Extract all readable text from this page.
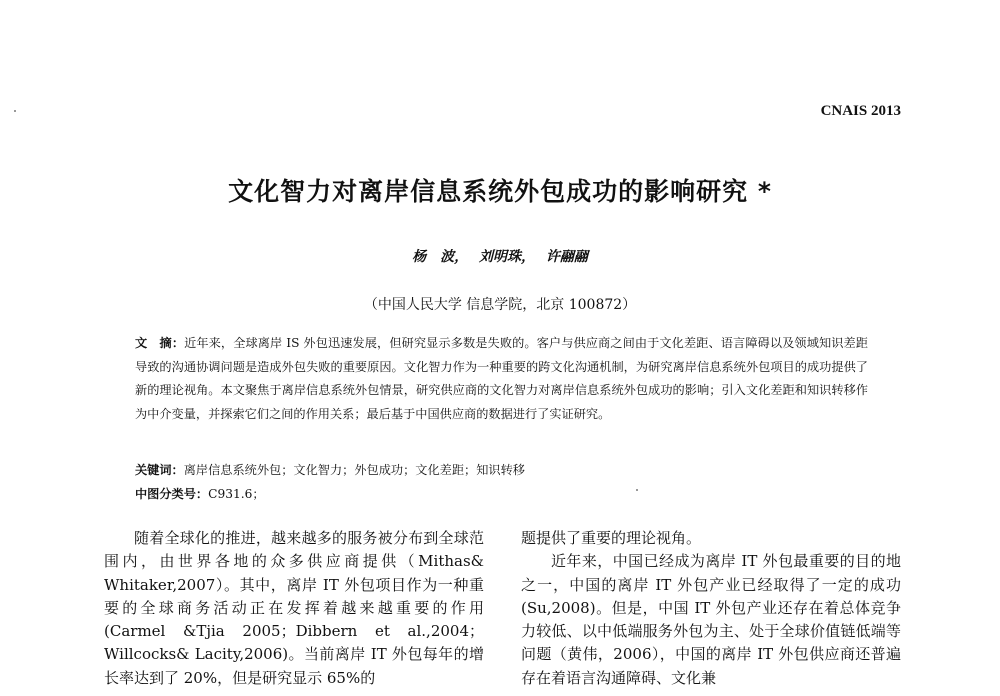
CNAIS 2013
文化智力对离岸信息系统外包成功的影响研究 *
杨　波， 刘明珠， 许翮翮
（中国人民大学 信息学院，北京 100872）
文　摘：近年来，全球离岸 IS 外包迅速发展，但研究显示多数是失败的。客户与供应商之间由于文化差距、语言障碍以及领域知识差距导致的沟通协调问题是造成外包失败的重要原因。文化智力作为一种重要的跨文化沟通机制，为研究离岸信息系统外包项目的成功提供了新的理论视角。本文聚焦于离岸信息系统外包情景，研究供应商的文化智力对离岸信息系统外包成功的影响；引入文化差距和知识转移作为中介变量，并探索它们之间的作用关系；最后基于中国供应商的数据进行了实证研究。
关键词：离岸信息系统外包；文化智力；外包成功；文化差距；知识转移
中图分类号：C931.6；
随着全球化的推进，越来越多的服务被分布到全球范围内，由世界各地的众多供应商提供（Mithas& Whitaker,2007）。其中，离岸 IT 外包项目作为一种重要的全球商务活动正在发挥着越来越重要的作用 (Carmel &Tjia 2005；Dibbern et al.,2004；Willcocks& Lacity,2006)。当前离岸 IT 外包每年的增长率达到了 20%，但是研究显示 65%的

题提供了重要的理论视角。

近年来，中国已经成为离岸 IT 外包最重要的目的地之一，中国的离岸 IT 外包产业已经取得了一定的成功(Su,2008)。但是，中国 IT 外包产业还存在着总体竞争力较低、以中低端服务外包为主、处于全球价值链低端等问题（黄伟，2006），中国的离岸 IT 外包供应商还普遍存在着语言沟通障碍、文化兼
